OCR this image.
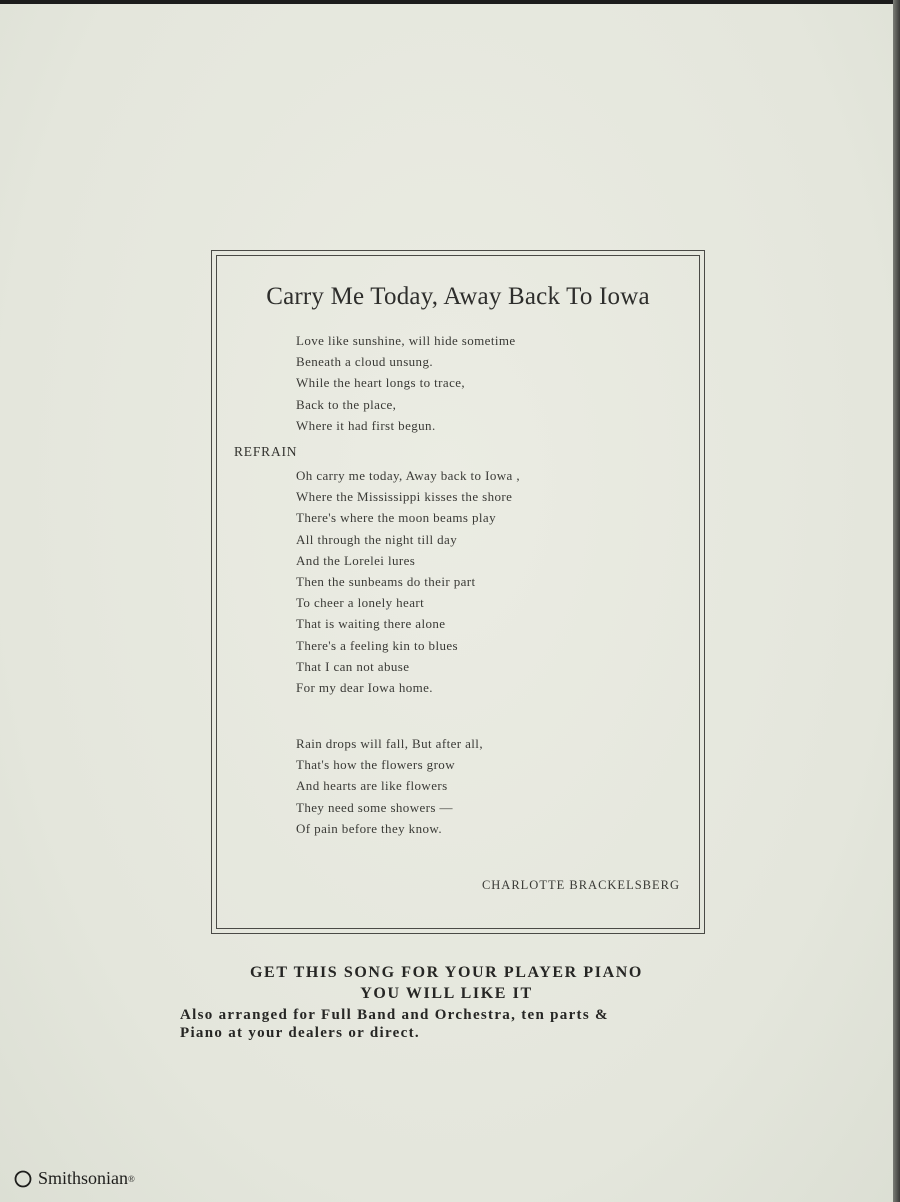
Carry Me Today, Away Back To Iowa
Love like sunshine, will hide sometime
Beneath a cloud unsung.
While the heart longs to trace,
Back to the place,
Where it had first begun.
REFRAIN
Oh carry me today, Away back to Iowa ,
Where the Mississippi kisses the shore
There's where the moon beams play
All through the night till day
And the Lorelei lures
Then the sunbeams do their part
To cheer a lonely heart
That is waiting there alone
There's a feeling kin to blues
That I can not abuse
For my dear Iowa home.
Rain drops will fall, But after all,
That's how the flowers grow
And hearts are like flowers
They need some showers —
Of pain before they know.
CHARLOTTE BRACKELSBERG
GET THIS SONG FOR YOUR PLAYER PIANO
YOU WILL LIKE IT
Also arranged for Full Band and Orchestra, ten parts &
Piano at your dealers or direct.
Smithsonian ®
